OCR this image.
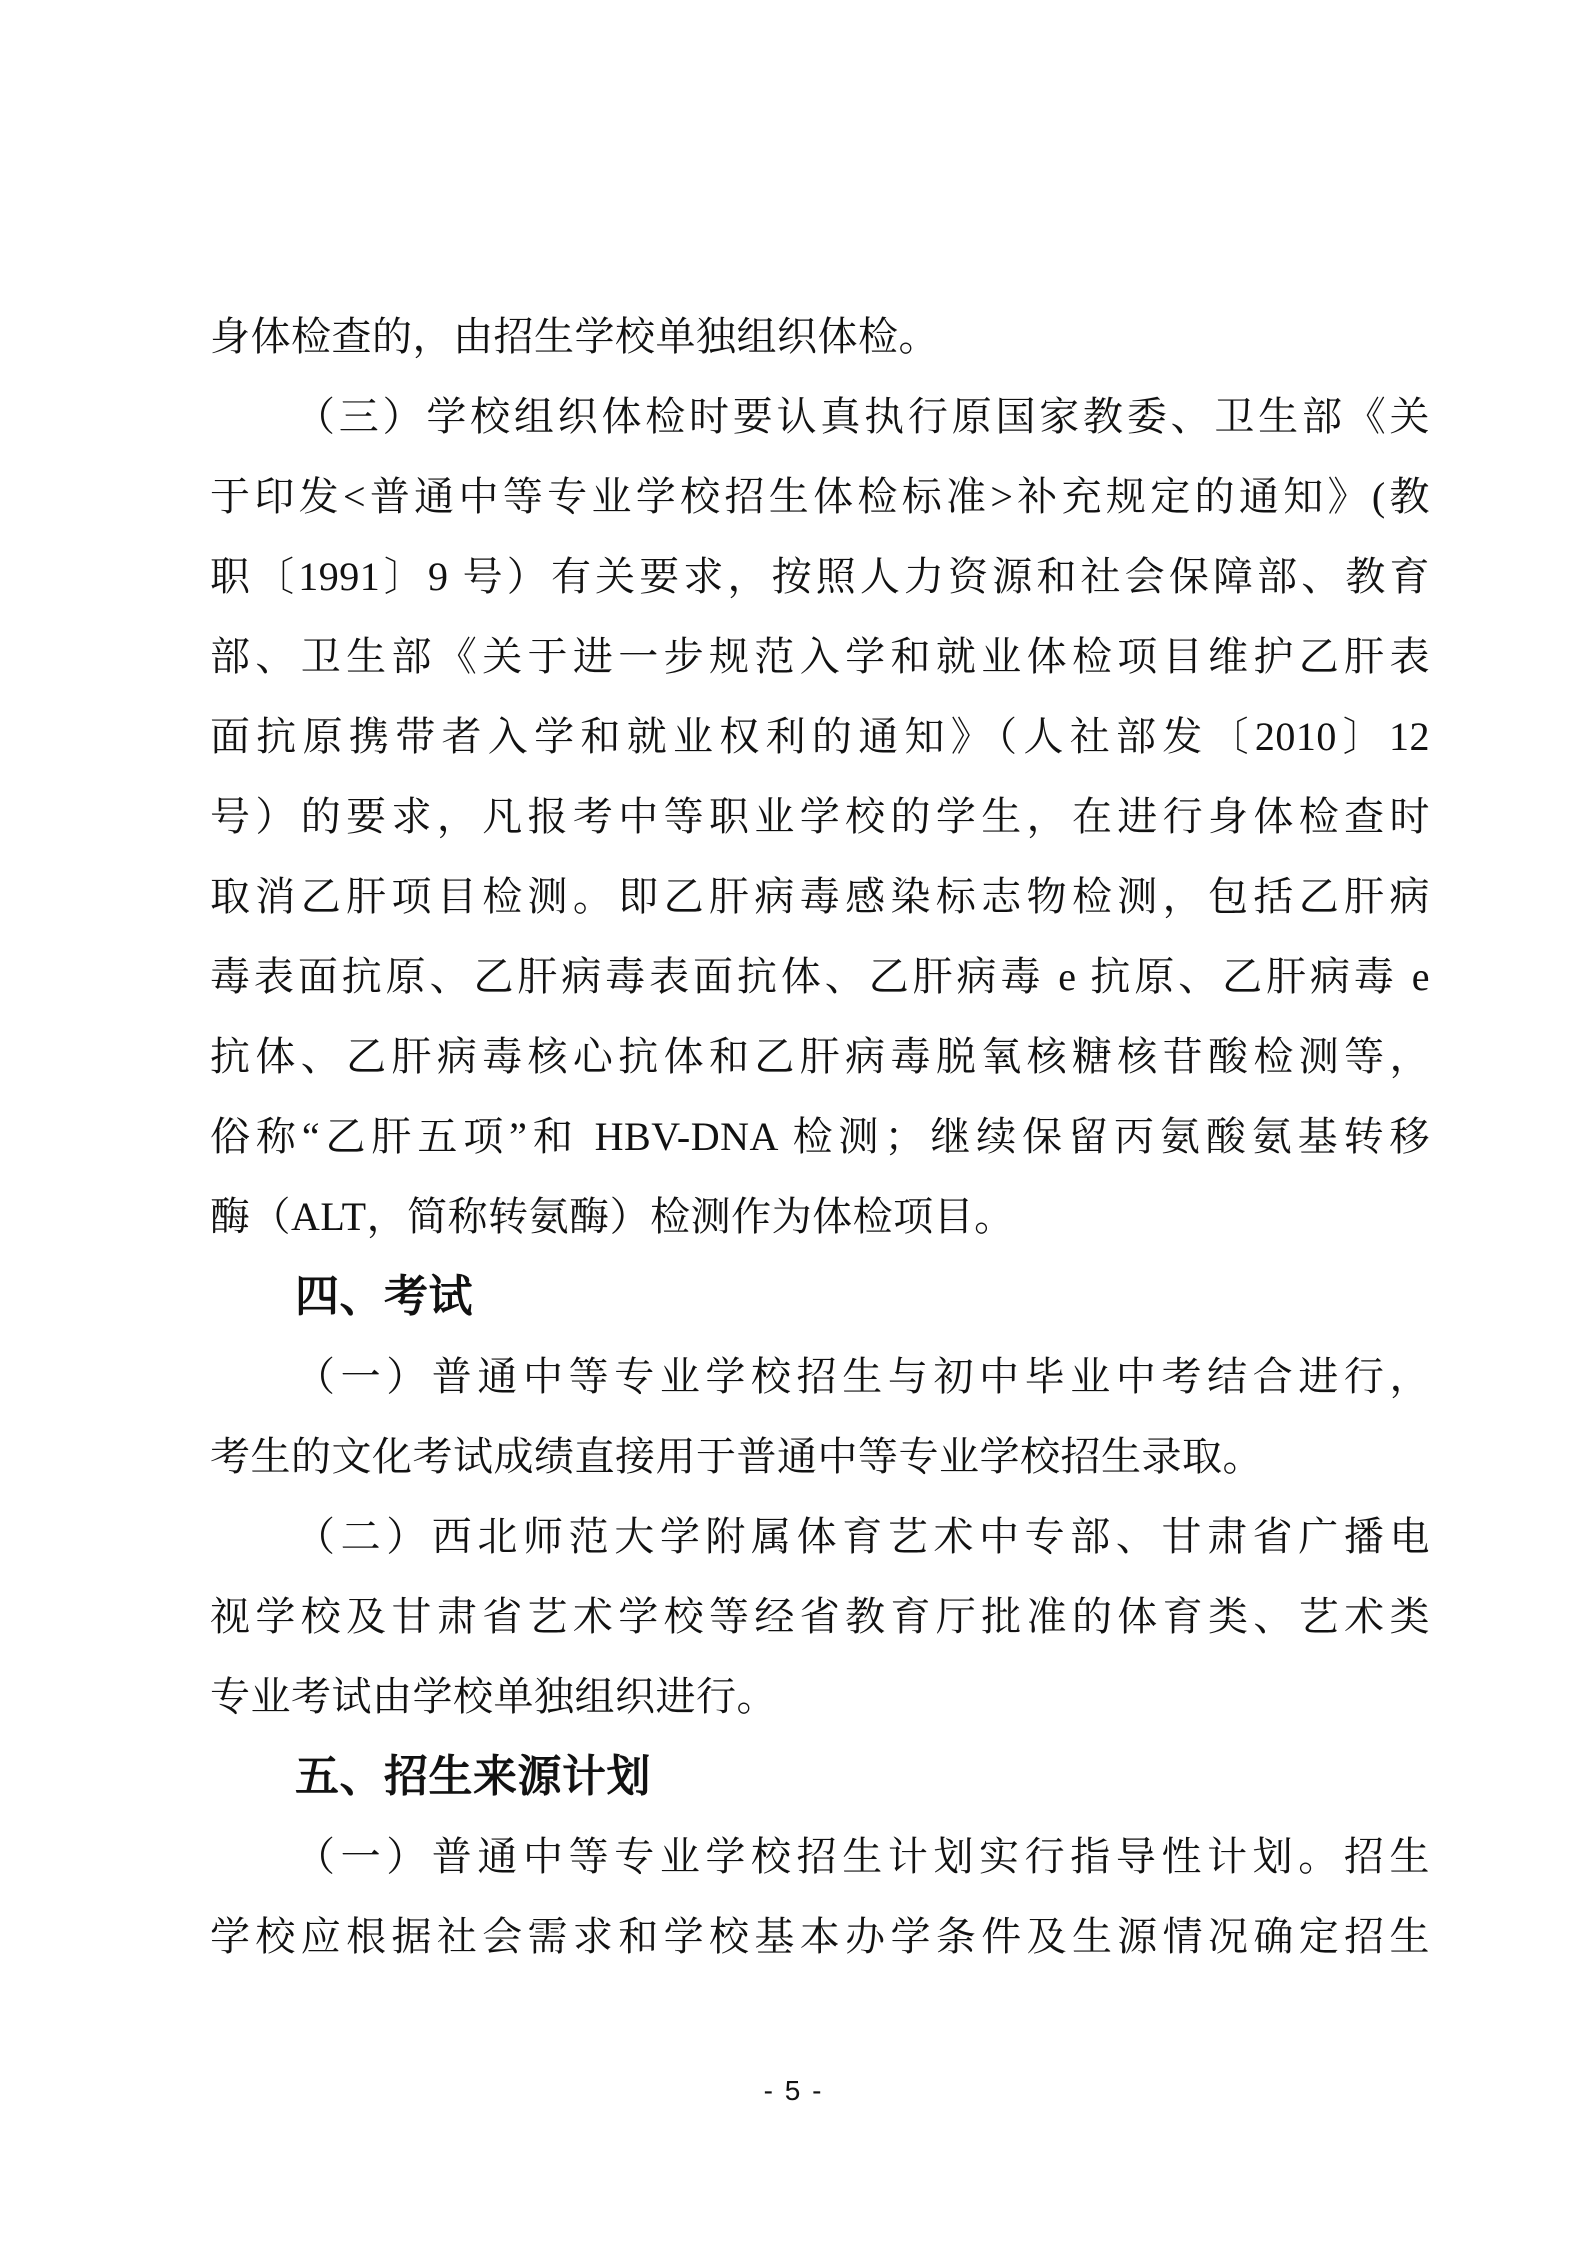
身体检查的，由招生学校单独组织体检。
（三）学校组织体检时要认真执行原国家教委、卫生部《关
于印发<普通中等专业学校招生体检标准>补充规定的通知》(教
职〔1991〕9 号）有关要求，按照人力资源和社会保障部、教育
部、卫生部《关于进一步规范入学和就业体检项目维护乙肝表
面抗原携带者入学和就业权利的通知》（人社部发〔2010〕12
号）的要求，凡报考中等职业学校的学生，在进行身体检查时
取消乙肝项目检测。即乙肝病毒感染标志物检测，包括乙肝病
毒表面抗原、乙肝病毒表面抗体、乙肝病毒 e 抗原、乙肝病毒 e
抗体、乙肝病毒核心抗体和乙肝病毒脱氧核糖核苷酸检测等，
俗称“乙肝五项”和 HBV-DNA 检测；继续保留丙氨酸氨基转移
酶（ALT，简称转氨酶）检测作为体检项目。
四、考试
（一）普通中等专业学校招生与初中毕业中考结合进行，
考生的文化考试成绩直接用于普通中等专业学校招生录取。
（二）西北师范大学附属体育艺术中专部、甘肃省广播电
视学校及甘肃省艺术学校等经省教育厅批准的体育类、艺术类
专业考试由学校单独组织进行。
五、招生来源计划
（一）普通中等专业学校招生计划实行指导性计划。招生
学校应根据社会需求和学校基本办学条件及生源情况确定招生
- 5 -
